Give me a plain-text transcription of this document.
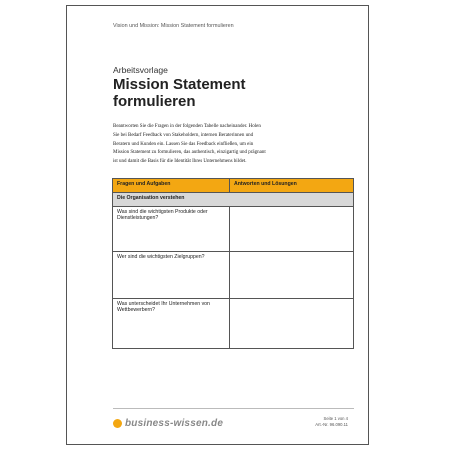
Vision und Mission: Mission Statement formulieren
Arbeitsvorlage
Mission Statement
formulieren
Beantworten Sie die Fragen in der folgenden Tabelle nacheinander. Holen
Sie bei Bedarf Feedback von Stakeholdern, internen Beraterinnen und
Beratern und Kunden ein. Lassen Sie das Feedback einfließen, um ein
Mission Statement zu formulieren, das authentisch, einzigartig und prägnant
ist und damit die Basis für die Identität Ihres Unternehmens bildet.
Fragen und Aufgaben	Antworten und Lösungen
Die Organisation verstehen	
Was sind die wichtigsten Produkte oder Dienstleistungen?	
Wer sind die wichtigsten Zielgruppen?	
Was unterscheidet Ihr Unternehmen von Wettbewerbern?	
business-wissen.de	Seite 1 von 4
Art.-Nr. 96.090.11
